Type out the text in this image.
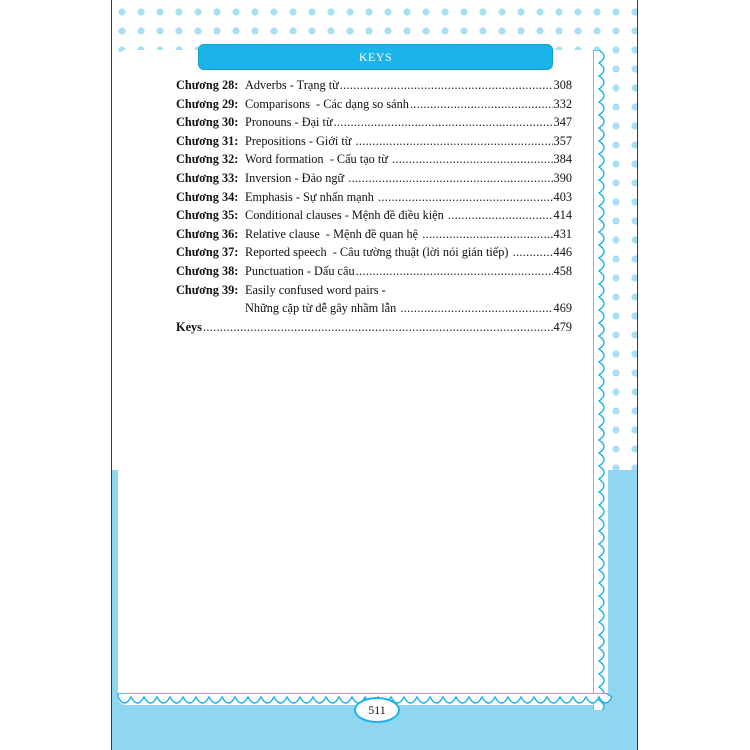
KEYS
Chương 28: Adverbs - Trạng từ .....	308
Chương 29: Comparisons  - Các dạng so sánh .....	332
Chương 30: Pronouns - Đại từ .....	347
Chương 31: Prepositions - Giới từ .....	357
Chương 32: Word formation  - Cấu tạo từ .....	384
Chương 33: Inversion - Đảo ngữ .....	390
Chương 34: Emphasis - Sự nhấn mạnh .....	403
Chương 35: Conditional clauses - Mệnh đề điều kiện .....	414
Chương 36: Relative clause  - Mệnh đề quan hệ .....	431
Chương 37: Reported speech  - Câu tường thuật (lời nói gián tiếp) .....	446
Chương 38: Punctuation - Dấu câu .....	458
Chương 39: Easily confused word pairs -
Những cặp từ dễ gây nhầm lẫn .....	469
Keys .....	479
511
